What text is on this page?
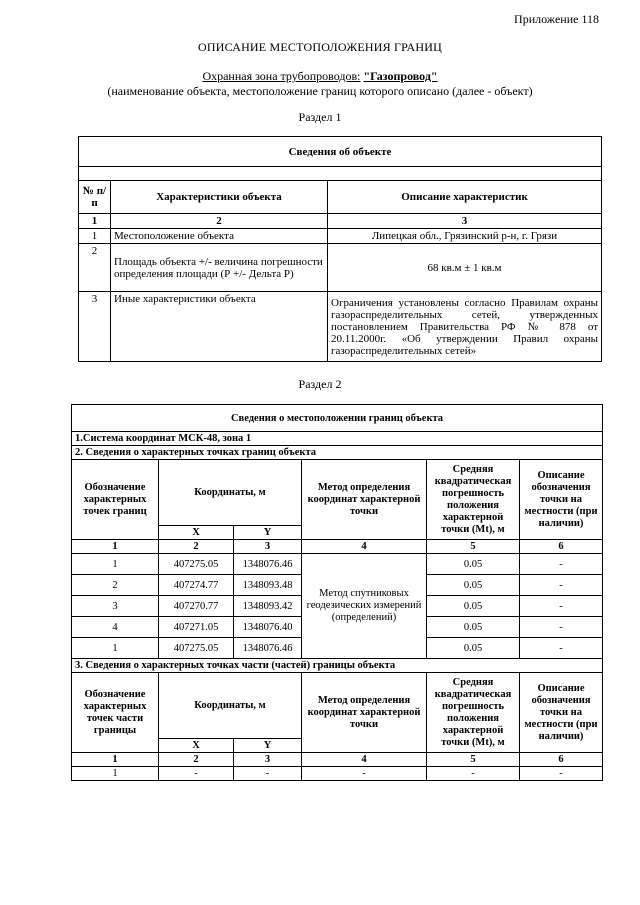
Приложение 118
ОПИСАНИЕ МЕСТОПОЛОЖЕНИЯ ГРАНИЦ
Охранная зона трубопроводов: "Газопровод"
(наименование объекта, местоположение границ которого описано (далее - объект)
Раздел 1
Сведения об объекте		

№ п/п	Характеристики объекта	Описание характеристик
1	2	3
1	Местоположение объекта	Липецкая обл., Грязинский р-н, г. Грязи
2	Площадь объекта +/- величина погрешности определения площади (Р +/- Дельта Р)	68 кв.м ± 1 кв.м
3	Иные характеристики объекта	Ограничения установлены согласно Правилам охраны газораспределительных сетей, утвержденных постановлением Правительства РФ № 878 от 20.11.2000г. «Об утверждении Правил охраны газораспределительных сетей»
Раздел 2
Сведения о местоположении границ объекта					
1.Система координат МСК-48, зона 1					
2. Сведения о характерных точках границ объекта					
Обозначение характерных точек границ	Координаты, м		Метод определения координат характерной точки	Средняя квадратическая погрешность положения характерной точки (Mt), м	Описание обозначения точки на местности (при наличии)
	X	Y			
1	2	3	4	5	6
1	407275.05	1348076.46	Метод спутниковых геодезических измерений (определений)	0.05	-
2	407274.77	1348093.48		0.05	-
3	407270.77	1348093.42		0.05	-
4	407271.05	1348076.40		0.05	-
1	407275.05	1348076.46		0.05	-
3. Сведения о характерных точках части (частей) границы объекта					
Обозначение характерных точек части границы	Координаты, м		Метод определения координат характерной точки	Средняя квадратическая погрешность положения характерной точки (Mt), м	Описание обозначения точки на местности (при наличии)
	X	Y			
1	2	3	4	5	6
1	-	-	-	-	-
